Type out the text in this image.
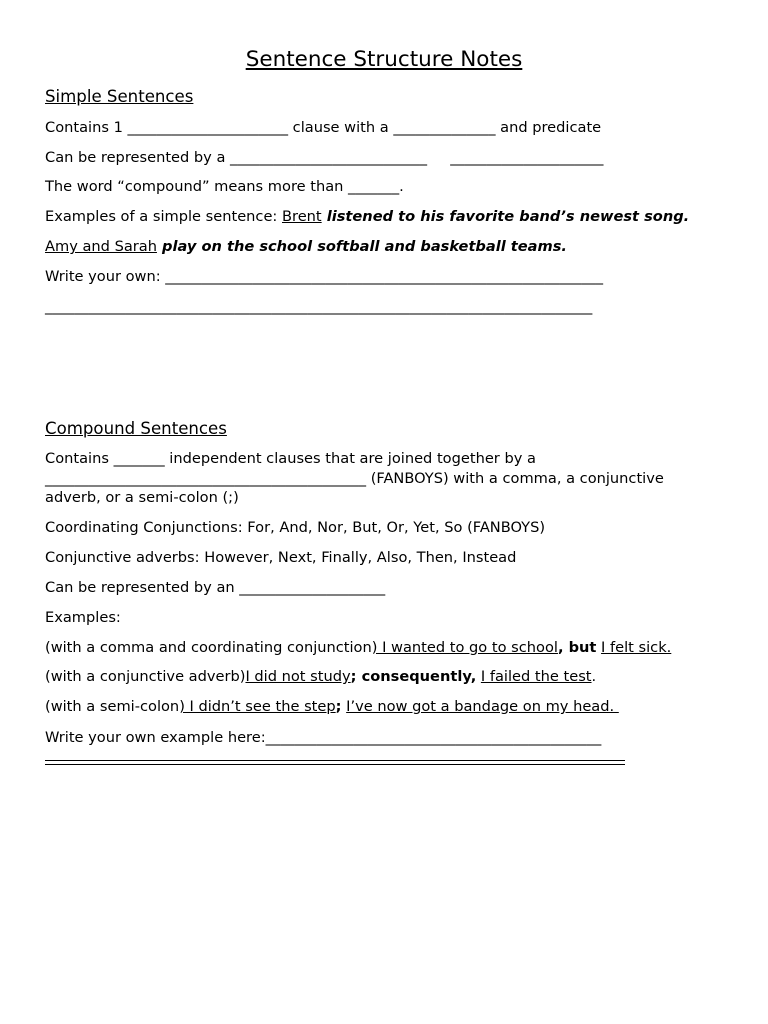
Sentence Structure Notes
Simple Sentences
Contains 1 ______________________ clause with a ______________ and predicate
Can be represented by a ___________________________     _____________________
The word “compound” means more than _______.
Examples of a simple sentence: Brent listened to his favorite band’s newest song.
Amy and Sarah play on the school softball and basketball teams.
Write your own: ____________________________________________________________
___________________________________________________________________________
Compound Sentences
Contains _______ independent clauses that are joined together by a
____________________________________________ (FANBOYS) with a comma, a conjunctive
adverb, or a semi-colon (;)
Coordinating Conjunctions: For, And, Nor, But, Or, Yet, So (FANBOYS)
Conjunctive adverbs: However, Next, Finally, Also, Then, Instead
Can be represented by an ____________________
Examples:
(with a comma and coordinating conjunction) I wanted to go to school, but I felt sick.
(with a conjunctive adverb)I did not study; consequently, I failed the test.
(with a semi-colon) I didn’t see the step; I’ve now got a bandage on my head.
Write your own example here:______________________________________________
